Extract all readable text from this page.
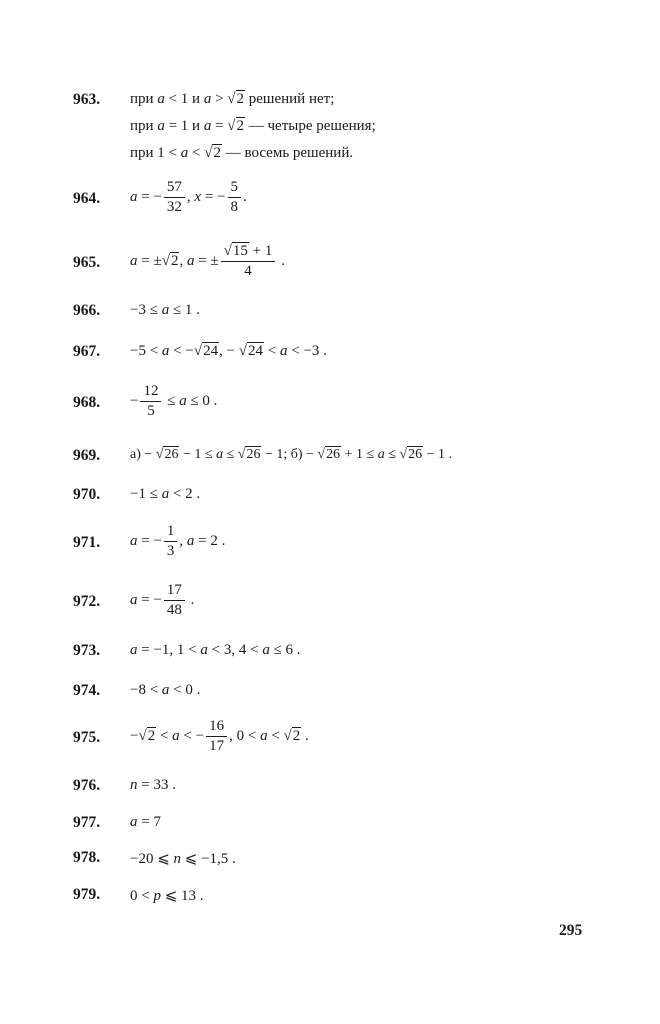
963. при a < 1 и a > √2 решений нет;
при a = 1 и a = √2 — четыре решения;
при 1 < a < √2 — восемь решений.
964. a = − $\frac{57}{32}$ , x = − $\frac{5}{8}$ .
965. a = ±√2, a = ± $\frac{√15 + 1}{4}$ .
966. −3 ≤ a ≤ 1 .
967. −5 < a < −√24, − √24 < a < −3 .
968. − $\frac{12}{5} \le a \le 0$ .
969. а) − √26 − 1 ≤ a ≤ √26 − 1; б) − √26 + 1 ≤ a ≤ √26 − 1 .
970. −1 ≤ a < 2 .
971. a = − $\frac{1}{3}$ , a = 2 .
972. a = − $\frac{17}{48}$ .
973. a = −1, 1 < a < 3, 4 < a ≤ 6 .
974. −8 < a < 0 .
975. −√2 < a < − $\frac{16}{17}$ , 0 < a < √2 .
976. n = 33 .
977. a = 7
978. −20 ⩽ n ⩽ −1,5 .
979. 0 < p ⩽ 13 .
295
